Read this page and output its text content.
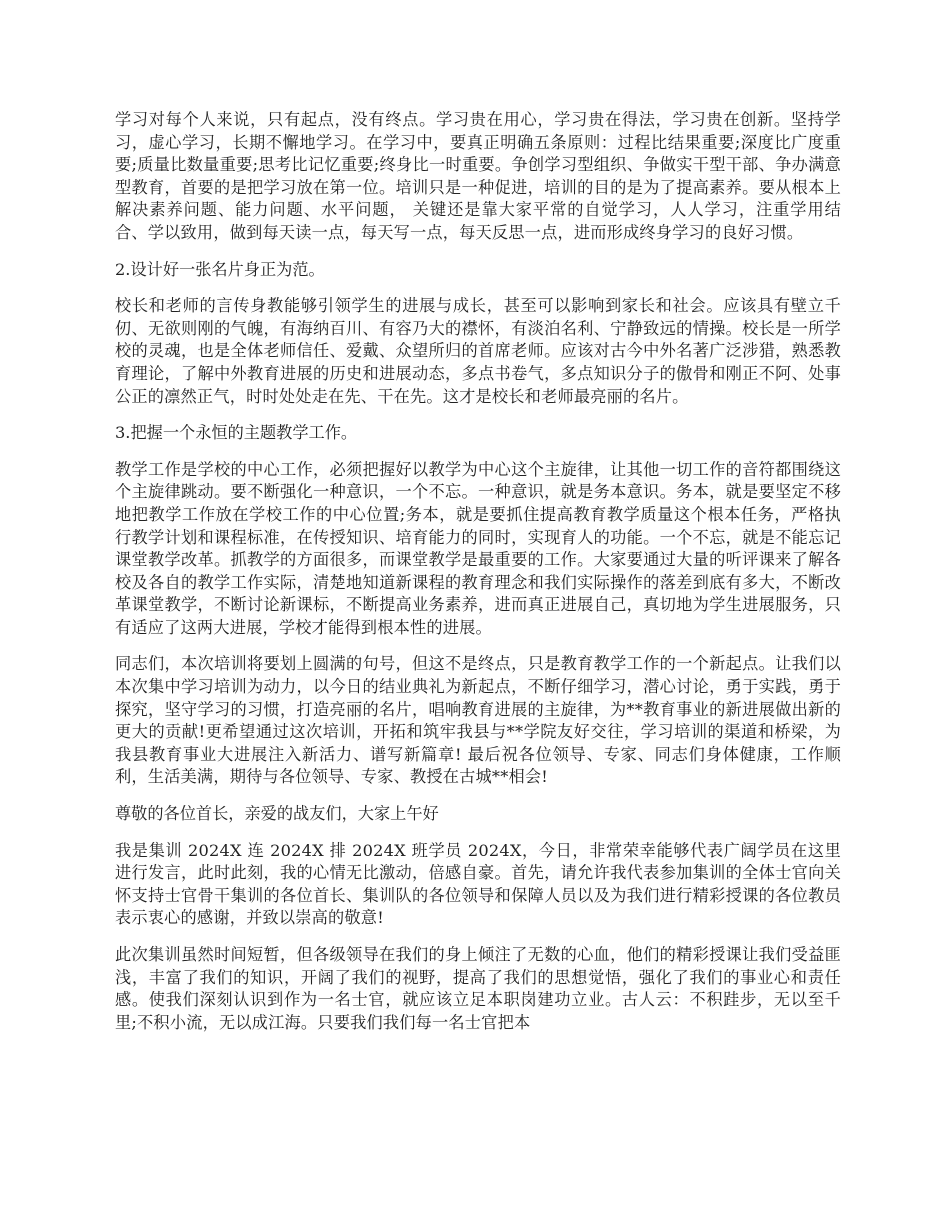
学习对每个人来说，只有起点，没有终点。学习贵在用心，学习贵在得法，学习贵在创新。坚持学习，虚心学习，长期不懈地学习。在学习中，要真正明确五条原则：过程比结果重要;深度比广度重要;质量比数量重要;思考比记忆重要;终身比一时重要。争创学习型组织、争做实干型干部、争办满意型教育，首要的是把学习放在第一位。培训只是一种促进，培训的目的是为了提高素养。要从根本上解决素养问题、能力问题、水平问题， 关键还是靠大家平常的自觉学习，人人学习，注重学用结合、学以致用，做到每天读一点，每天写一点，每天反思一点，进而形成终身学习的良好习惯。

2.设计好一张名片身正为范。

校长和老师的言传身教能够引领学生的进展与成长，甚至可以影响到家长和社会。应该具有壁立千仞、无欲则刚的气魄，有海纳百川、有容乃大的襟怀，有淡泊名利、宁静致远的情操。校长是一所学校的灵魂，也是全体老师信任、爱戴、众望所归的首席老师。应该对古今中外名著广泛涉猎，熟悉教育理论，了解中外教育进展的历史和进展动态，多点书卷气，多点知识分子的傲骨和刚正不阿、处事公正的凛然正气，时时处处走在先、干在先。这才是校长和老师最亮丽的名片。

3.把握一个永恒的主题教学工作。

教学工作是学校的中心工作，必须把握好以教学为中心这个主旋律，让其他一切工作的音符都围绕这个主旋律跳动。要不断强化一种意识，一个不忘。一种意识，就是务本意识。务本，就是要坚定不移地把教学工作放在学校工作的中心位置;务本，就是要抓住提高教育教学质量这个根本任务，严格执行教学计划和课程标准，在传授知识、培育能力的同时，实现育人的功能。一个不忘，就是不能忘记课堂教学改革。抓教学的方面很多，而课堂教学是最重要的工作。大家要通过大量的听评课来了解各校及各自的教学工作实际，清楚地知道新课程的教育理念和我们实际操作的落差到底有多大，不断改革课堂教学，不断讨论新课标，不断提高业务素养，进而真正进展自己，真切地为学生进展服务，只有适应了这两大进展，学校才能得到根本性的进展。

同志们，本次培训将要划上圆满的句号，但这不是终点，只是教育教学工作的一个新起点。让我们以本次集中学习培训为动力，以今日的结业典礼为新起点，不断仔细学习，潜心讨论，勇于实践，勇于探究，坚守学习的习惯，打造亮丽的名片，唱响教育进展的主旋律，为**教育事业的新进展做出新的更大的贡献!更希望通过这次培训，开拓和筑牢我县与**学院友好交往，学习培训的渠道和桥梁，为我县教育事业大进展注入新活力、谱写新篇章! 最后祝各位领导、专家、同志们身体健康，工作顺利，生活美满，期待与各位领导、专家、教授在古城**相会!

尊敬的各位首长，亲爱的战友们，大家上午好

我是集训 2024X 连 2024X 排 2024X 班学员 2024X，今日，非常荣幸能够代表广阔学员在这里进行发言，此时此刻，我的心情无比激动，倍感自豪。首先，请允许我代表参加集训的全体士官向关怀支持士官骨干集训的各位首长、集训队的各位领导和保障人员以及为我们进行精彩授课的各位教员表示衷心的感谢，并致以崇高的敬意!

此次集训虽然时间短暂，但各级领导在我们的身上倾注了无数的心血，他们的精彩授课让我们受益匪浅，丰富了我们的知识，开阔了我们的视野，提高了我们的思想觉悟，强化了我们的事业心和责任感。使我们深刻认识到作为一名士官，就应该立足本职岗建功立业。古人云：不积跬步，无以至千里;不积小流，无以成江海。只要我们我们每一名士官把本
